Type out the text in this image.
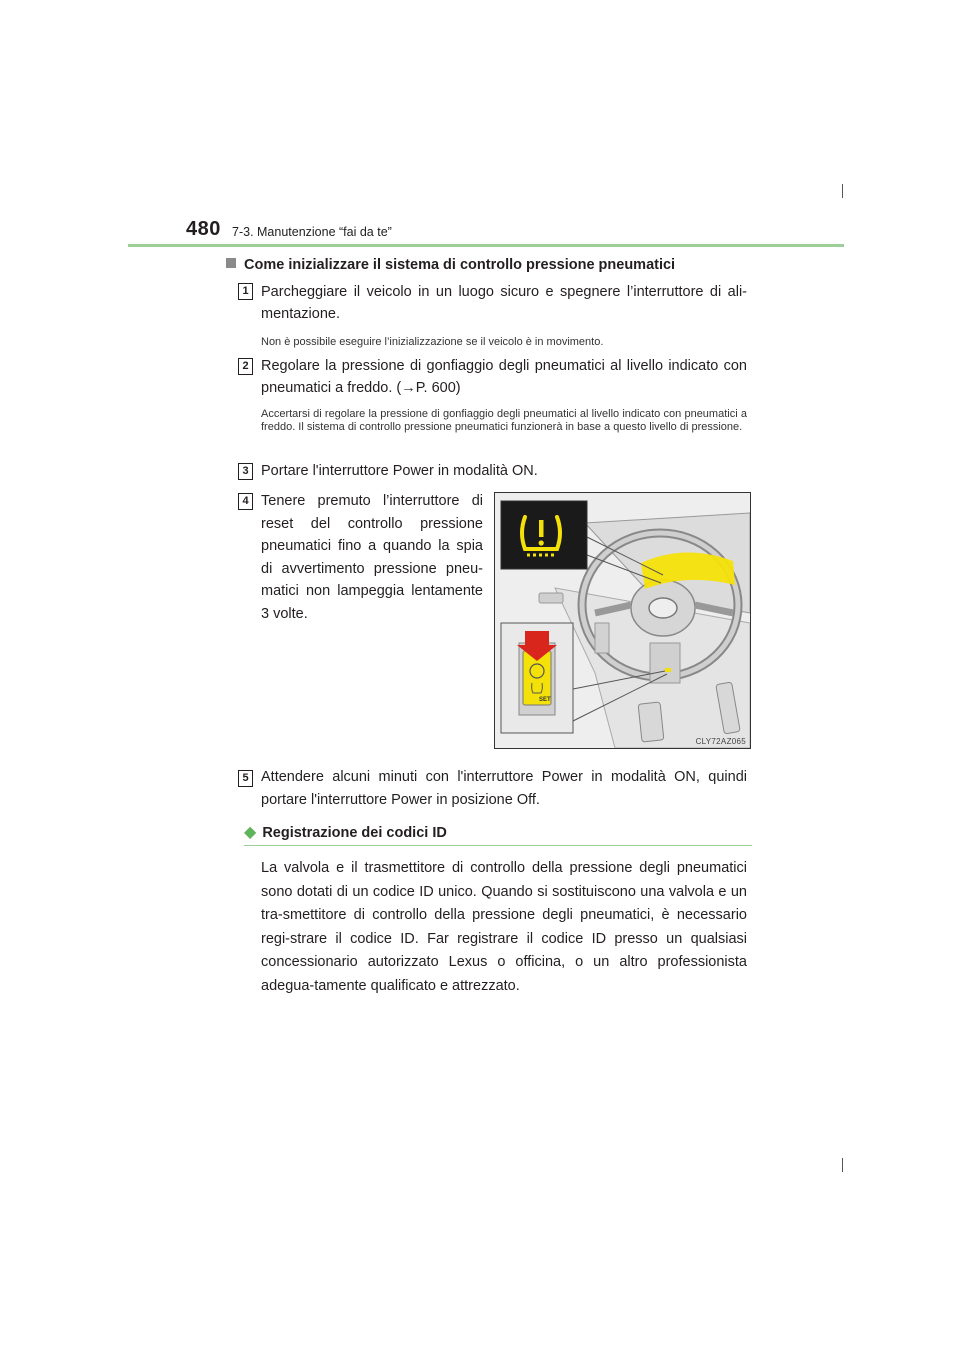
480 7-3. Manutenzione “fai da te”
Come inizializzare il sistema di controllo pressione pneumatici
1 Parcheggiare il veicolo in un luogo sicuro e spegnere l’interruttore di ali-mentazione.
Non è possibile eseguire l’inizializzazione se il veicolo è in movimento.
2 Regolare la pressione di gonfiaggio degli pneumatici al livello indicato con pneumatici a freddo. (→P. 600)
Accertarsi di regolare la pressione di gonfiaggio degli pneumatici al livello indicato con pneumatici a freddo. Il sistema di controllo pressione pneumatici funzionerà in base a questo livello di pressione.
3 Portare l'interruttore Power in modalità ON.
4 Tenere premuto l’interruttore di reset del controllo pressione pneumatici fino a quando la spia di avvertimento pressione pneu-matici non lampeggia lentamente 3 volte.
SET
CLY72AZ065
5 Attendere alcuni minuti con l'interruttore Power in modalità ON, quindi portare l'interruttore Power in posizione Off.
◆ Registrazione dei codici ID
La valvola e il trasmettitore di controllo della pressione degli pneumatici sono dotati di un codice ID unico. Quando si sostituiscono una valvola e un tra-smettitore di controllo della pressione degli pneumatici, è necessario regi-strare il codice ID. Far registrare il codice ID presso un qualsiasi concessionario autorizzato Lexus o officina, o un altro professionista adegua-tamente qualificato e attrezzato.
